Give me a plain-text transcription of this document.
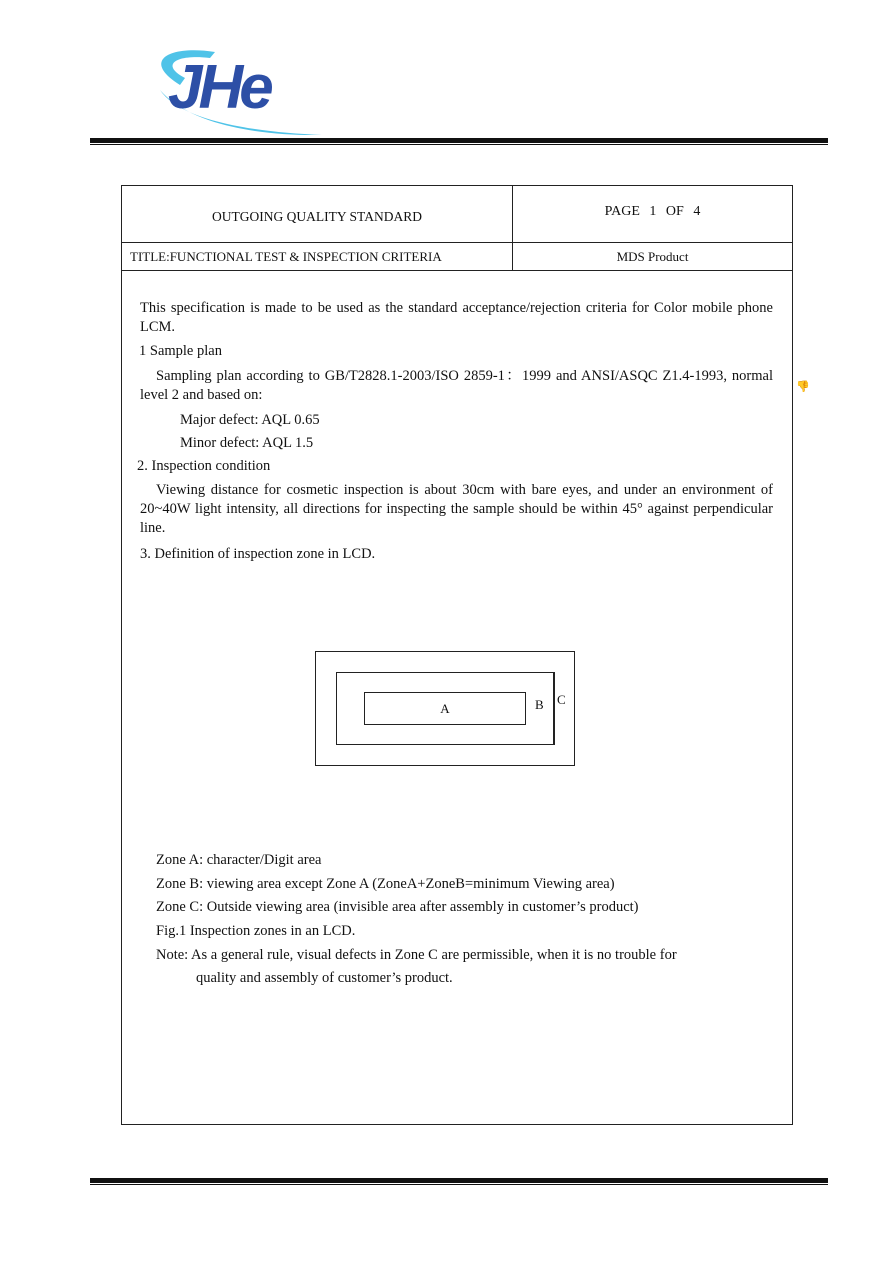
JHe
OUTGOING QUALITY STANDARD	PAGE 1 OF 4
TITLE:FUNCTIONAL TEST & INSPECTION CRITERIA	MDS Product
This specification is made to be used as the standard acceptance/rejection criteria for Color mobile phone LCM.
1 Sample plan
Sampling plan according to GB/T2828.1-2003/ISO 2859-1：1999 and ANSI/ASQC Z1.4-1993, normal level 2 and based on:
Major defect: AQL 0.65
Minor defect: AQL 1.5
2. Inspection condition
Viewing distance for cosmetic inspection is about 30cm with bare eyes, and under an environment of 20~40W light intensity, all directions for inspecting the sample should be within 45° against perpendicular line.
3. Definition of inspection zone in LCD.
A	B C
Zone A: character/Digit area
Zone B: viewing area except Zone A (ZoneA+ZoneB=minimum Viewing area)
Zone C: Outside viewing area (invisible area after assembly in customer’s product)
Fig.1 Inspection zones in an LCD.
Note: As a general rule, visual defects in Zone C are permissible, when it is no trouble for
quality and assembly of customer’s product.
👎
